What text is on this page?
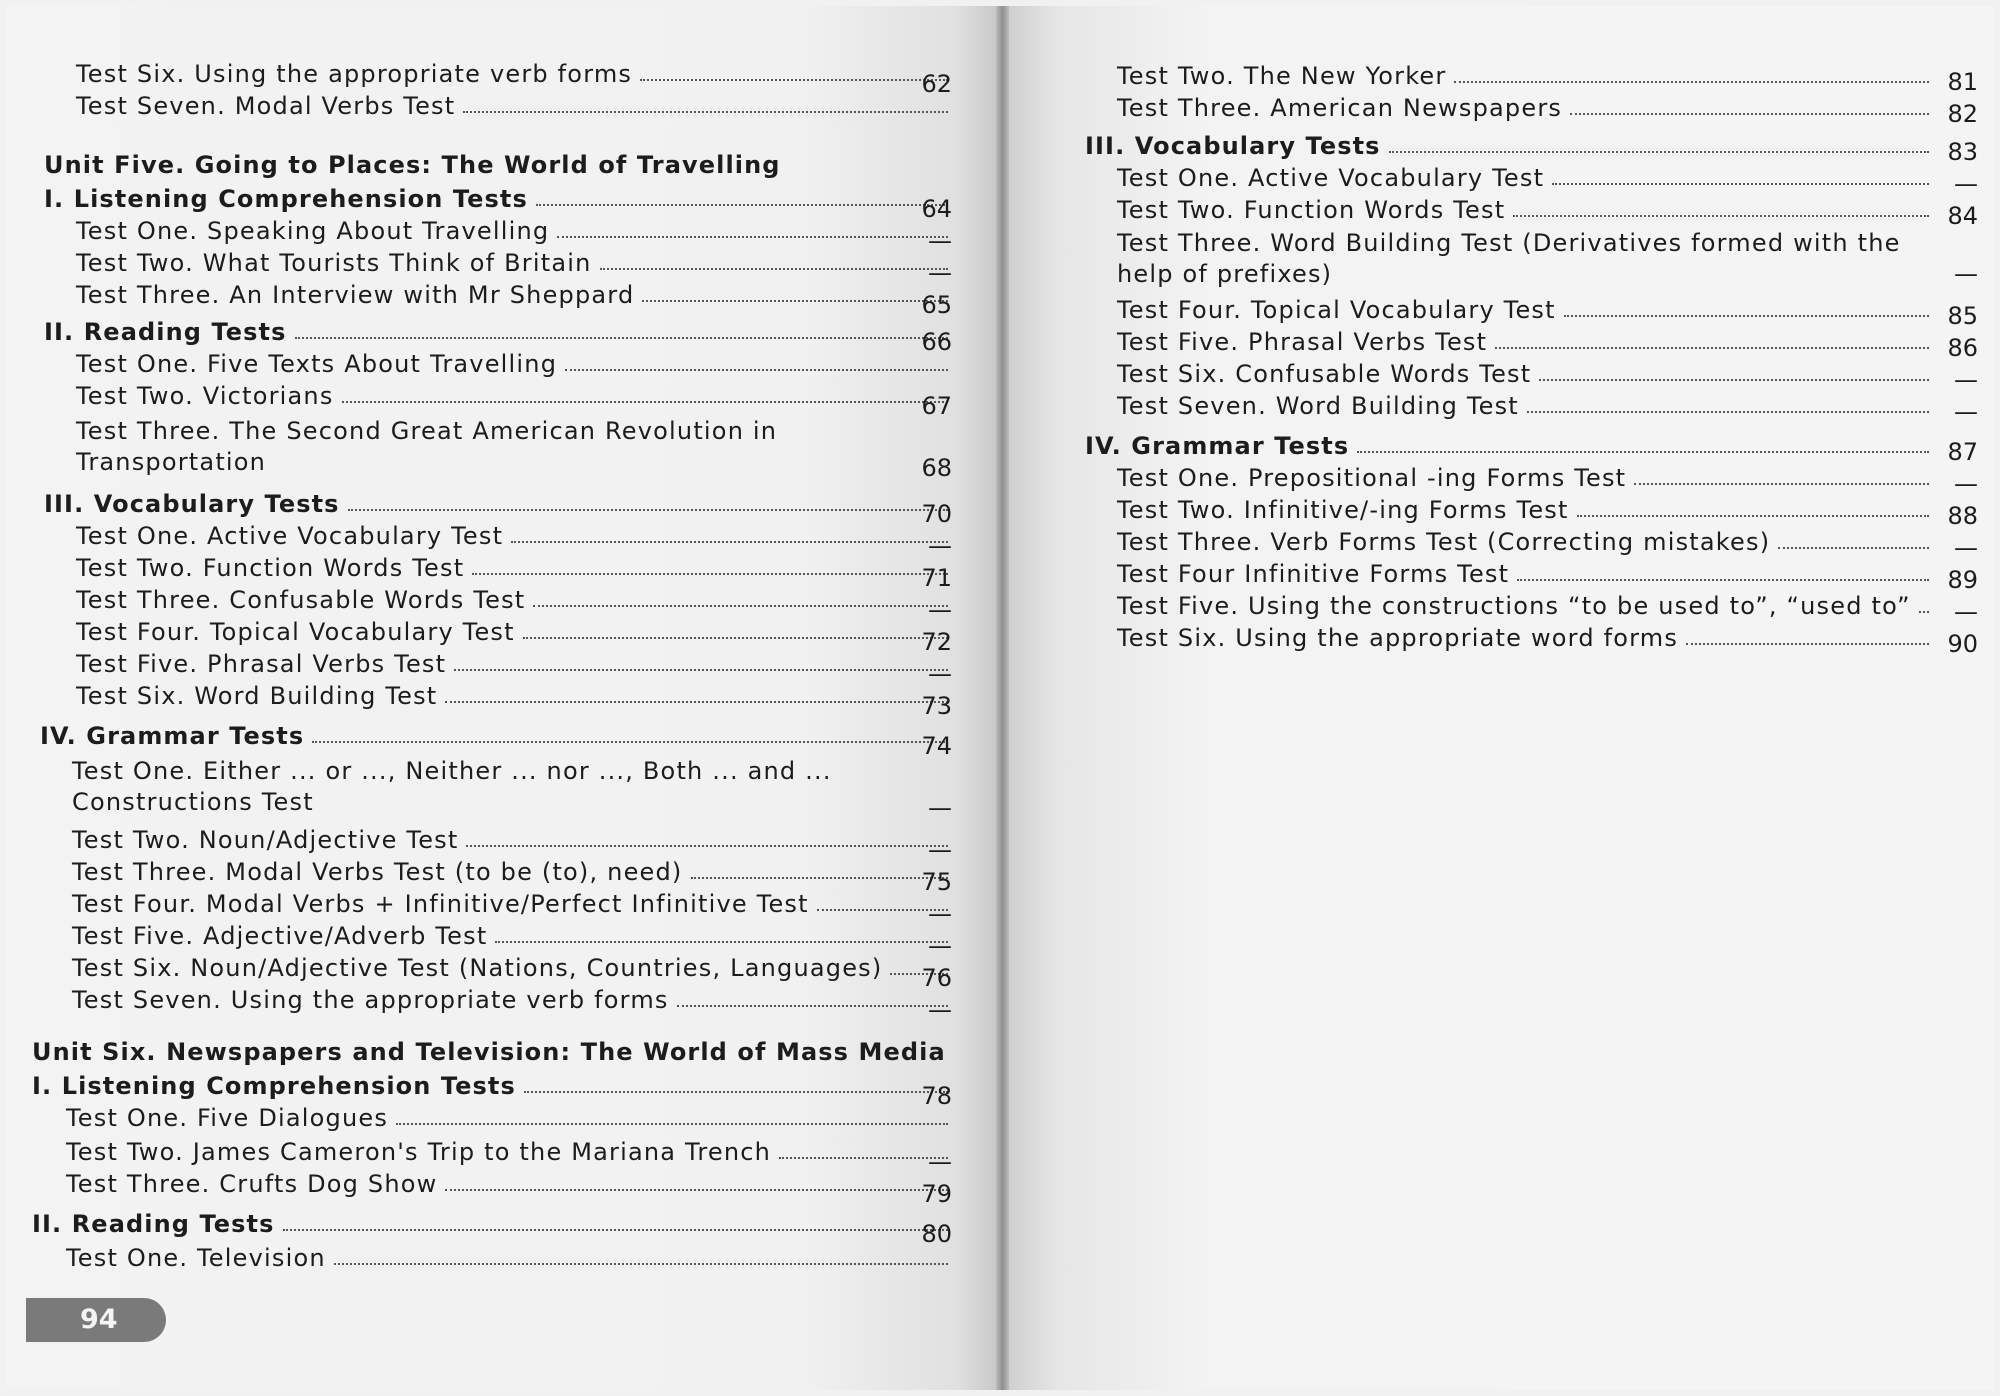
Test Six. Using the appropriate verb forms	62
Test Seven. Modal Verbs Test
Unit Five. Going to Places: The World of Travelling
I. Listening Comprehension Tests	64
Test One. Speaking About Travelling	—
Test Two. What Tourists Think of Britain	—
Test Three. An Interview with Mr Sheppard	65
II. Reading Tests	66
Test One. Five Texts About Travelling
Test Two. Victorians	67
Test Three. The Second Great American Revolution in Transportation	68
III. Vocabulary Tests	70
Test One. Active Vocabulary Test	—
Test Two. Function Words Test	71
Test Three. Confusable Words Test	—
Test Four. Topical Vocabulary Test	72
Test Five. Phrasal Verbs Test	—
Test Six. Word Building Test	73
IV. Grammar Tests	74
Test One. Either ... or ..., Neither ... nor ..., Both ... and ... Constructions Test	—
Test Two. Noun/Adjective Test	—
Test Three. Modal Verbs Test (to be (to), need)	75
Test Four. Modal Verbs + Infinitive/Perfect Infinitive Test	—
Test Five. Adjective/Adverb Test	—
Test Six. Noun/Adjective Test (Nations, Countries, Languages)	76
Test Seven. Using the appropriate verb forms	—
Unit Six. Newspapers and Television: The World of Mass Media
I. Listening Comprehension Tests	78
Test One. Five Dialogues
Test Two. James Cameron's Trip to the Mariana Trench	—
Test Three. Crufts Dog Show	79
II. Reading Tests	80
Test One. Television
94
Test Two. The New Yorker	81
Test Three. American Newspapers	82
III. Vocabulary Tests	83
Test One. Active Vocabulary Test	—
Test Two. Function Words Test	84
Test Three. Word Building Test (Derivatives formed with the help of prefixes)	—
Test Four. Topical Vocabulary Test	85
Test Five. Phrasal Verbs Test	86
Test Six. Confusable Words Test	—
Test Seven. Word Building Test	—
IV. Grammar Tests	87
Test One. Prepositional -ing Forms Test	—
Test Two. Infinitive/-ing Forms Test	88
Test Three. Verb Forms Test (Correcting mistakes)	—
Test Four Infinitive Forms Test	89
Test Five. Using the constructions “to be used to”, “used to”	—
Test Six. Using the appropriate word forms	90
